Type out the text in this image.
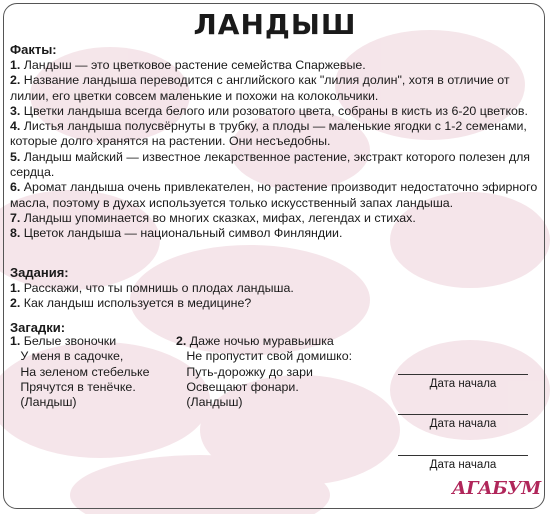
ЛАНДЫШ
Факты:
1. Ландыш — это цветковое растение семейства Спаржевые.
2. Название ландыша переводится с английского как "лилия долин", хотя в отличие от лилии, его цветки совсем маленькие и похожи на колокольчики.
3. Цветки ландыша всегда белого или розоватого цвета, собраны в кисть из 6-20 цветков.
4. Листья ландыша полусвёрнуты в трубку, а плоды — маленькие ягодки с 1-2 семенами, которые долго хранятся на растении. Они несъедобны.
5. Ландыш майский — известное лекарственное растение, экстракт которого полезен для сердца.
6. Аромат ландыша очень привлекателен, но растение производит недостаточно эфирного масла, поэтому в духах используется только искусственный запах ландыша.
7. Ландыш упоминается во многих сказках, мифах, легендах и стихах.
8. Цветок ландыша — национальный символ Финляндии.
Задания:
1. Расскажи, что ты помнишь о плодах ландыша.
2. Как ландыш используется в медицине?
Загадки:
1. Белые звоночки
У меня в садочке,
На зеленом стебельке
Прячутся в тенёчке.
(Ландыш)
2. Даже ночью муравьишка
Не пропустит свой домишко:
Путь-дорожку до зари
Освещают фонари.
(Ландыш)
Дата начала
Дата начала
Дата начала
АГАБУМ
